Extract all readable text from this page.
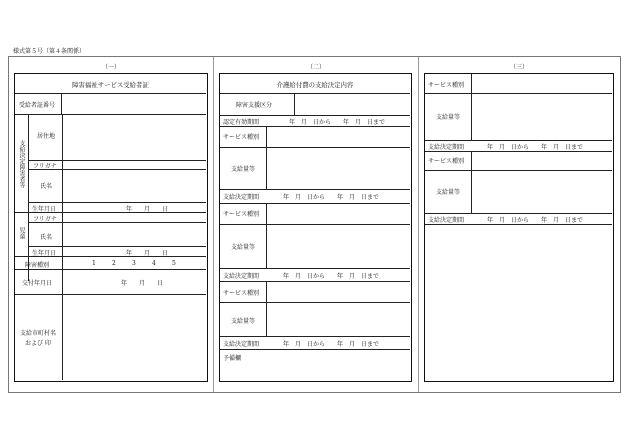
様式第５号（第４条関係）
（一）	（二）	（三）
障害福祉サービス受給者証
受給者証番号
支給決定障害者等
居住地
フリガナ
氏名
生年月日	年　　月　　日
児童
フリガナ
氏名
生年月日	年　　月　　日
障害種別	1	2	3	4	5
交付年月日	年　　月　　日
支給市町村名
および 印
介護給付費の支給決定内容
障害支援区分
認定有効期間	年　月　日から　　年　月　日まで
サービス種別
支給量等
支給決定期間	年　月　日から　　年　月　日まで
サービス種別
支給量等
支給決定期間	年　月　日から　　年　月　日まで
サービス種別
支給量等
支給決定期間	年　月　日から　　年　月　日まで
予備欄
サービス種別
支給量等
支給決定期間	年　月　日から　　年　月　日まで
サービス種別
支給量等
支給決定期間	年　月　日から　　年　月　日まで
